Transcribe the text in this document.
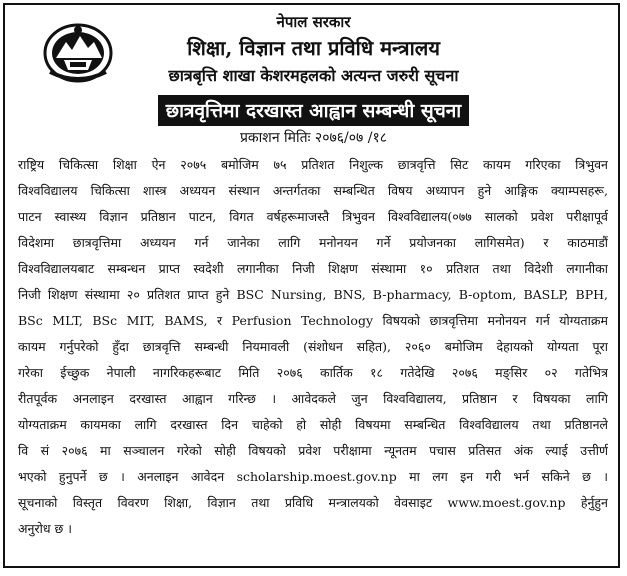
नेपाल सरकार
शिक्षा, विज्ञान तथा प्रविधि मन्त्रालय
छात्रबृत्ति शाखा केशरमहलको अत्यन्त जरुरी सूचना
छात्रवृत्तिमा दरखास्त आह्वान सम्बन्धी सूचना
प्रकाशन मितिः २०७६/०७ /१८
राष्ट्रिय चिकित्सा शिक्षा ऐन २०७५ बमोजिम ७५ प्रतिशत निशुल्क छात्रवृत्ति सिट कायम गरिएका त्रिभुवन
विश्वविद्यालय चिकित्सा शास्त्र अध्ययन संस्थान अन्तर्गतका सम्बन्धित विषय अध्यापन हुने आङ्गिक क्याम्पसहरू,
पाटन स्वास्थ्य विज्ञान प्रतिष्ठान पाटन, विगत वर्षहरूमाजस्तै त्रिभुवन विश्वविद्यालय(०७७ सालको प्रवेश परीक्षापूर्व
विदेशमा छात्रवृत्तिमा अध्ययन गर्न जानेका लागि मनोनयन गर्ने प्रयोजनका लागिसमेत) र काठमाडौं
विश्वविद्यालयबाट सम्बन्धन प्राप्त स्वदेशी लगानीका निजी शिक्षण संस्थामा १० प्रतिशत तथा विदेशी लगानीका
निजी शिक्षण संस्थामा २० प्रतिशत प्राप्त हुने BSC Nursing, BNS, B-pharmacy, B-optom, BASLP, BPH,
BSc MLT, BSc MIT, BAMS, र Perfusion Technology विषयको छात्रवृत्तिमा मनोनयन गर्न योग्यताक्रम
कायम गर्नुपरेको हुँदा छात्रवृत्ति सम्बन्धी नियमावली (संशोधन सहित), २०६० बमोजिम देहायको योग्यता पूरा
गरेका ईच्छुक नेपाली नागरिकहरूबाट मिति २०७६ कार्तिक १८ गतेदेखि २०७६ मङ्सिर ०२ गतेभित्र
रीतपूर्वक अनलाइन दरखास्त आह्वान गरिन्छ । आवेदकले जुन विश्वविद्यालय, प्रतिष्ठान र विषयका लागि
योग्यताक्रम कायमका लागि दरखास्त दिन चाहेको हो सोही विषयमा सम्बन्धित विश्वविद्यालय तथा प्रतिष्ठानले
वि सं २०७६ मा सञ्चालन गरेको सोही विषयको प्रवेश परीक्षामा न्यूनतम पचास प्रतिसत अंक ल्याई उत्तीर्ण
भएको हुनुपर्ने छ । अनलाइन आवेदन scholarship.moest.gov.np मा लग इन गरी भर्न सकिने छ ।
सूचनाको विस्तृत विवरण शिक्षा, विज्ञान तथा प्रविधि मन्त्रालयको वेवसाइट www.moest.gov.np हेर्नुहुन
अनुरोध छ ।
